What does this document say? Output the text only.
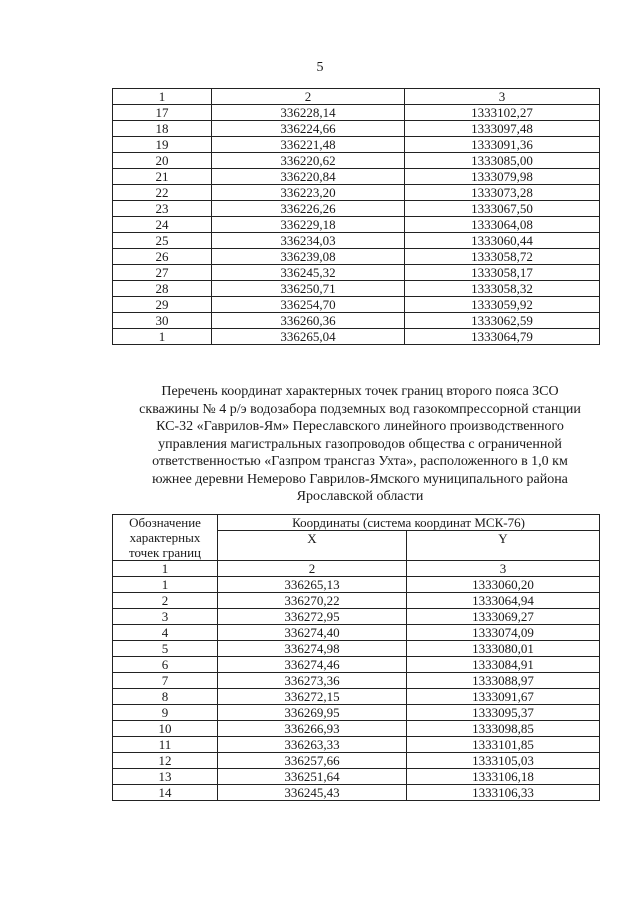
5
1	2	3
17	336228,14	1333102,27
18	336224,66	1333097,48
19	336221,48	1333091,36
20	336220,62	1333085,00
21	336220,84	1333079,98
22	336223,20	1333073,28
23	336226,26	1333067,50
24	336229,18	1333064,08
25	336234,03	1333060,44
26	336239,08	1333058,72
27	336245,32	1333058,17
28	336250,71	1333058,32
29	336254,70	1333059,92
30	336260,36	1333062,59
1	336265,04	1333064,79
Перечень координат характерных точек границ второго пояса ЗСО
скважины № 4 р/э водозабора подземных вод газокомпрессорной станции
КС-32 «Гаврилов-Ям» Переславского линейного производственного
управления магистральных газопроводов общества с ограниченной
ответственностью «Газпром трансгаз Ухта», расположенного в 1,0 км
южнее деревни Немерово Гаврилов-Ямского муниципального района
Ярославской области
Обозначение характерных точек границ	Координаты (система координат МСК-76)	
	X	Y
1	2	3
1	336265,13	1333060,20
2	336270,22	1333064,94
3	336272,95	1333069,27
4	336274,40	1333074,09
5	336274,98	1333080,01
6	336274,46	1333084,91
7	336273,36	1333088,97
8	336272,15	1333091,67
9	336269,95	1333095,37
10	336266,93	1333098,85
11	336263,33	1333101,85
12	336257,66	1333105,03
13	336251,64	1333106,18
14	336245,43	1333106,33
